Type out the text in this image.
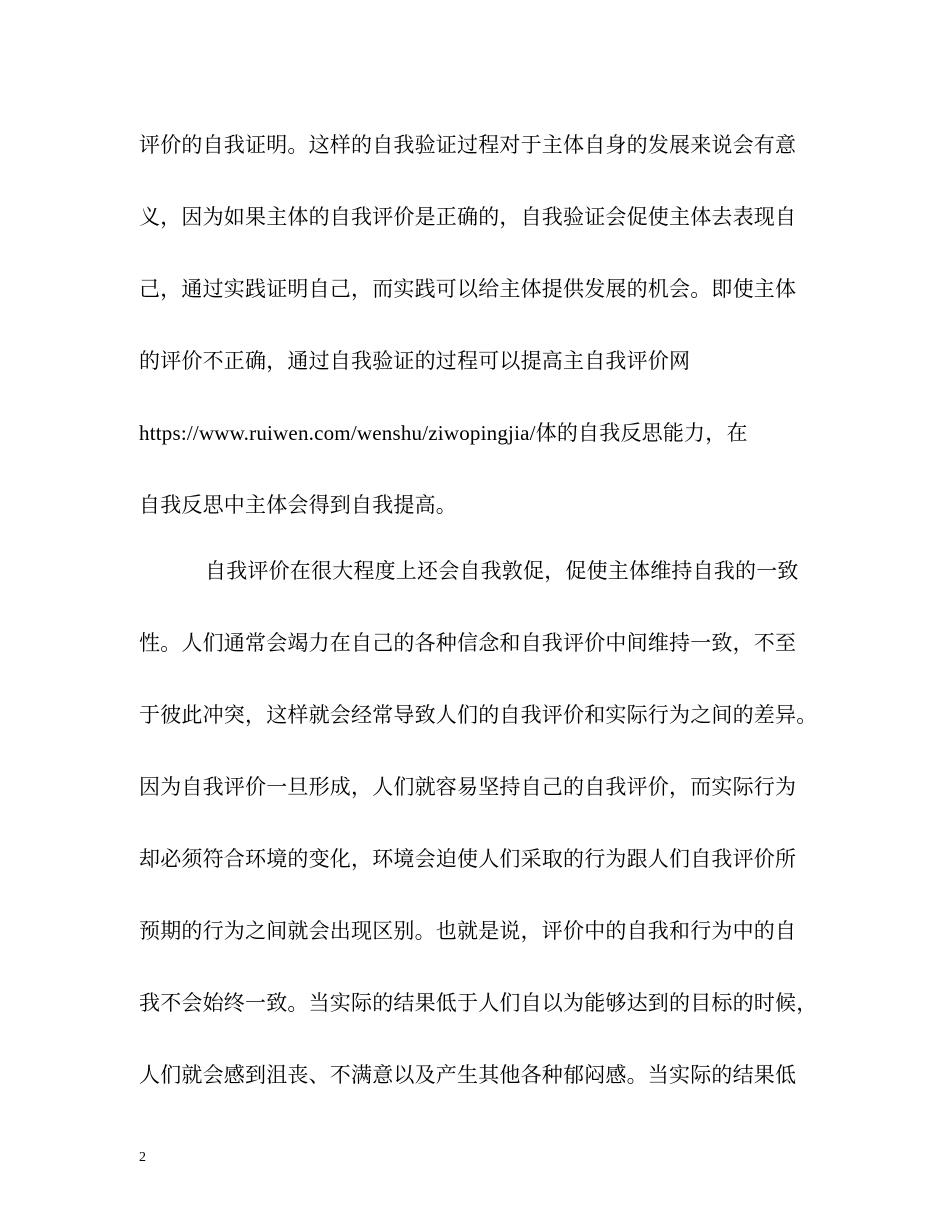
评价的自我证明。这样的自我验证过程对于主体自身的发展来说会有意
义，因为如果主体的自我评价是正确的，自我验证会促使主体去表现自
己，通过实践证明自己，而实践可以给主体提供发展的机会。即使主体
的评价不正确，通过自我验证的过程可以提高主自我评价网
https://www.ruiwen.com/wenshu/ziwopingjia/体的自我反思能力，在
自我反思中主体会得到自我提高。
自我评价在很大程度上还会自我敦促，促使主体维持自我的一致
性。人们通常会竭力在自己的各种信念和自我评价中间维持一致，不至
于彼此冲突，这样就会经常导致人们的自我评价和实际行为之间的差异。
因为自我评价一旦形成，人们就容易坚持自己的自我评价，而实际行为
却必须符合环境的变化，环境会迫使人们采取的行为跟人们自我评价所
预期的行为之间就会出现区别。也就是说，评价中的自我和行为中的自
我不会始终一致。当实际的结果低于人们自以为能够达到的目标的时候，
人们就会感到沮丧、不满意以及产生其他各种郁闷感。当实际的结果低
2
